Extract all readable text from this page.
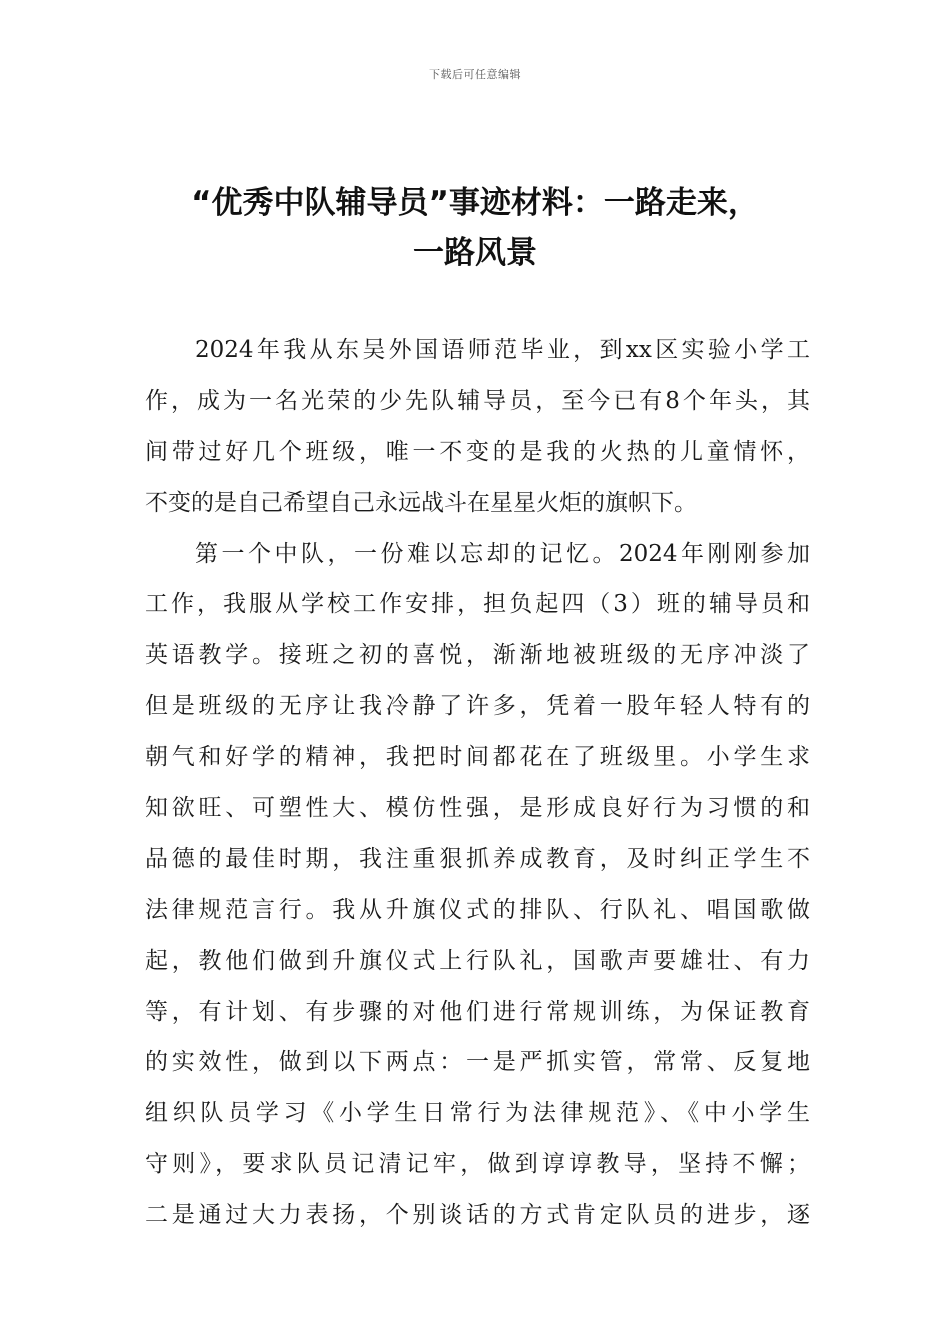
下载后可任意编辑
“优秀中队辅导员”事迹材料：一路走来，
一路风景
2024年我从东吴外国语师范毕业，到xx区实验小学工
作，成为一名光荣的少先队辅导员，至今已有8个年头，其
间带过好几个班级，唯一不变的是我的火热的儿童情怀，
不变的是自己希望自己永远战斗在星星火炬的旗帜下。
第一个中队，一份难以忘却的记忆。2024年刚刚参加
工作，我服从学校工作安排，担负起四（3）班的辅导员和
英语教学。接班之初的喜悦，渐渐地被班级的无序冲淡了
但是班级的无序让我冷静了许多，凭着一股年轻人特有的
朝气和好学的精神，我把时间都花在了班级里。小学生求
知欲旺、可塑性大、模仿性强，是形成良好行为习惯的和
品德的最佳时期，我注重狠抓养成教育，及时纠正学生不
法律规范言行。我从升旗仪式的排队、行队礼、唱国歌做
起，教他们做到升旗仪式上行队礼，国歌声要雄壮、有力
等，有计划、有步骤的对他们进行常规训练，为保证教育
的实效性，做到以下两点：一是严抓实管，常常、反复地
组织队员学习《小学生日常行为法律规范》、《中小学生
守则》，要求队员记清记牢，做到谆谆教导，坚持不懈；
二是通过大力表扬，个别谈话的方式肯定队员的进步，逐
